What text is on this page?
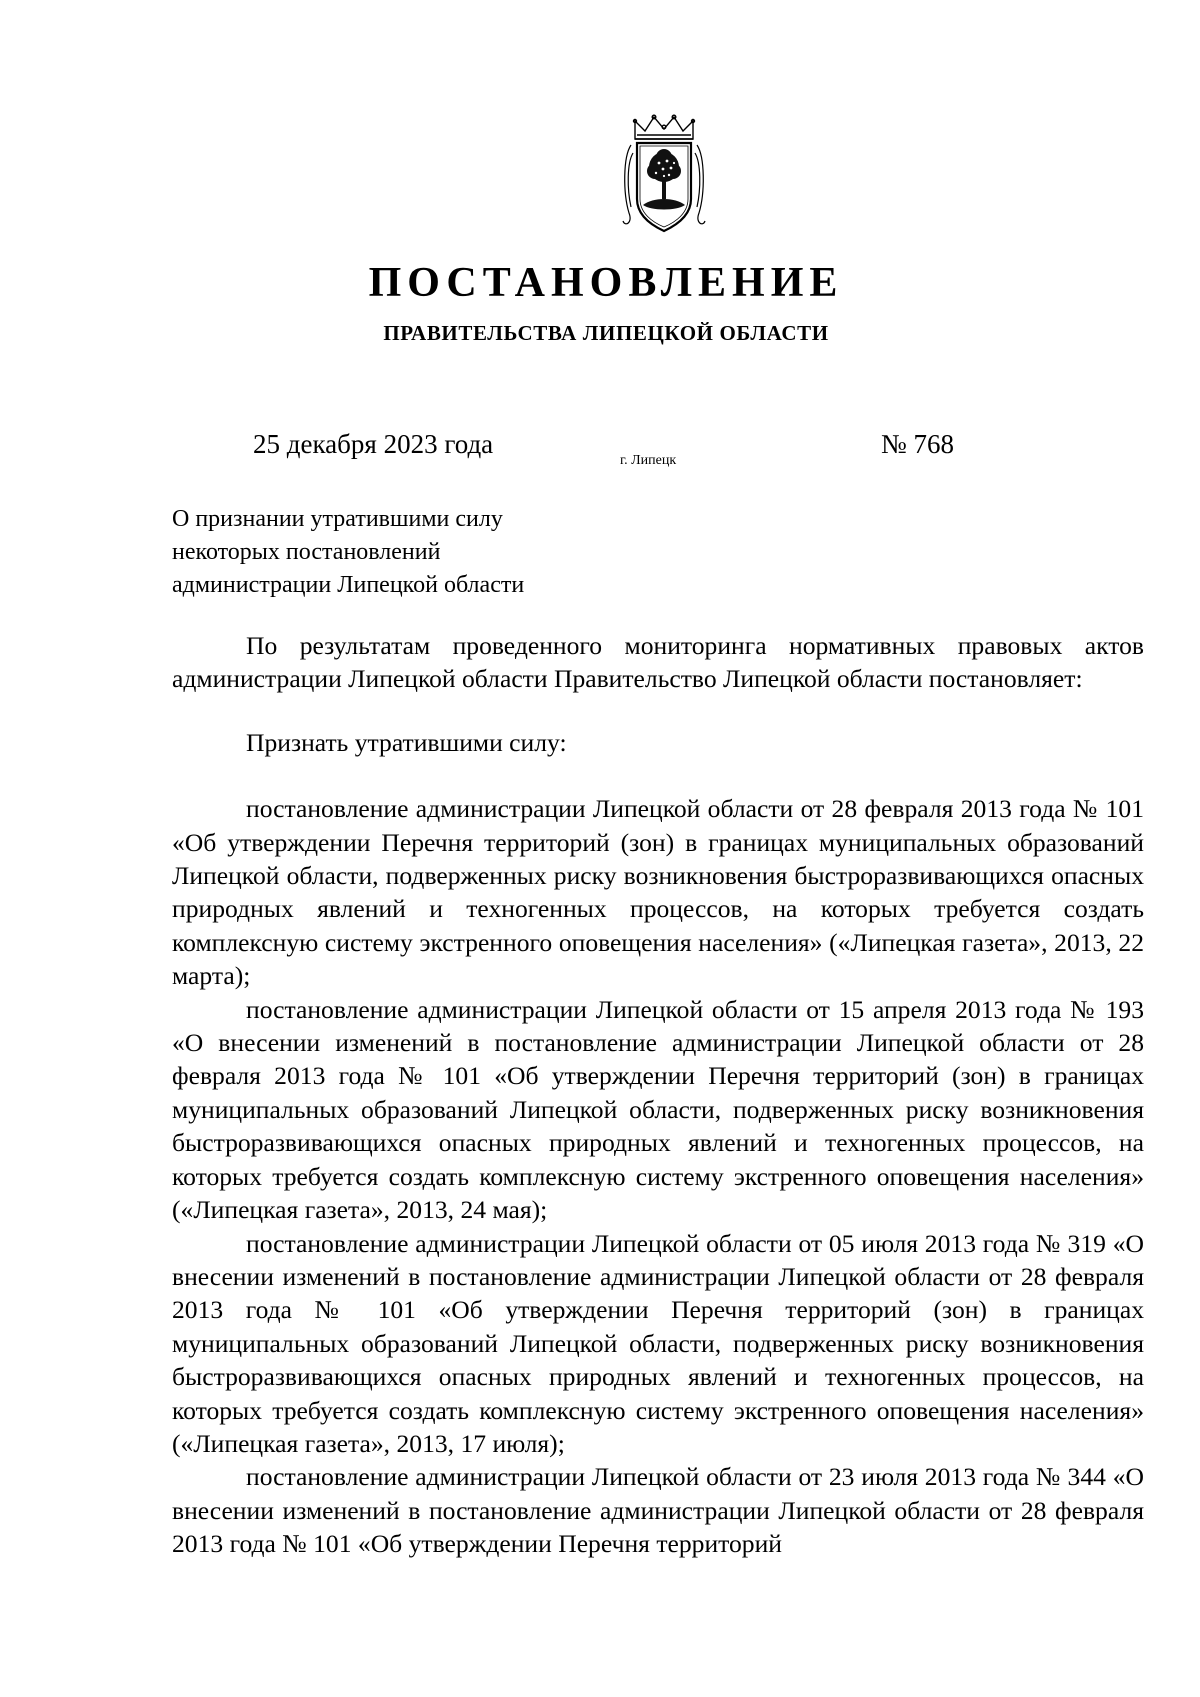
ПОСТАНОВЛЕНИЕ
ПРАВИТЕЛЬСТВА ЛИПЕЦКОЙ ОБЛАСТИ
25 декабря 2023 года
г. Липецк
№ 768
О признании утратившими силу
некоторых постановлений
администрации Липецкой области

По результатам проведенного мониторинга нормативных правовых актов администрации Липецкой области Правительство Липецкой области постановляет:

Признать утратившими силу:

постановление администрации Липецкой области от 28 февраля 2013 года № 101 «Об утверждении Перечня территорий (зон) в границах муниципальных образований Липецкой области, подверженных риску возникновения быстроразвивающихся опасных природных явлений и техногенных процессов, на которых требуется создать комплексную систему экстренного оповещения населения» («Липецкая газета», 2013, 22 марта);

постановление администрации Липецкой области от 15 апреля 2013 года № 193 «О внесении изменений в постановление администрации Липецкой области от 28 февраля 2013 года № 101 «Об утверждении Перечня территорий (зон) в границах муниципальных образований Липецкой области, подверженных риску возникновения быстроразвивающихся опасных природных явлений и техногенных процессов, на которых требуется создать комплексную систему экстренного оповещения населения» («Липецкая газета», 2013, 24 мая);

постановление администрации Липецкой области от 05 июля 2013 года № 319 «О внесении изменений в постановление администрации Липецкой области от 28 февраля 2013 года № 101 «Об утверждении Перечня территорий (зон) в границах муниципальных образований Липецкой области, подверженных риску возникновения быстроразвивающихся опасных природных явлений и техногенных процессов, на которых требуется создать комплексную систему экстренного оповещения населения» («Липецкая газета», 2013, 17 июля);

постановление администрации Липецкой области от 23 июля 2013 года № 344 «О внесении изменений в постановление администрации Липецкой области от 28 февраля 2013 года № 101 «Об утверждении Перечня территорий
